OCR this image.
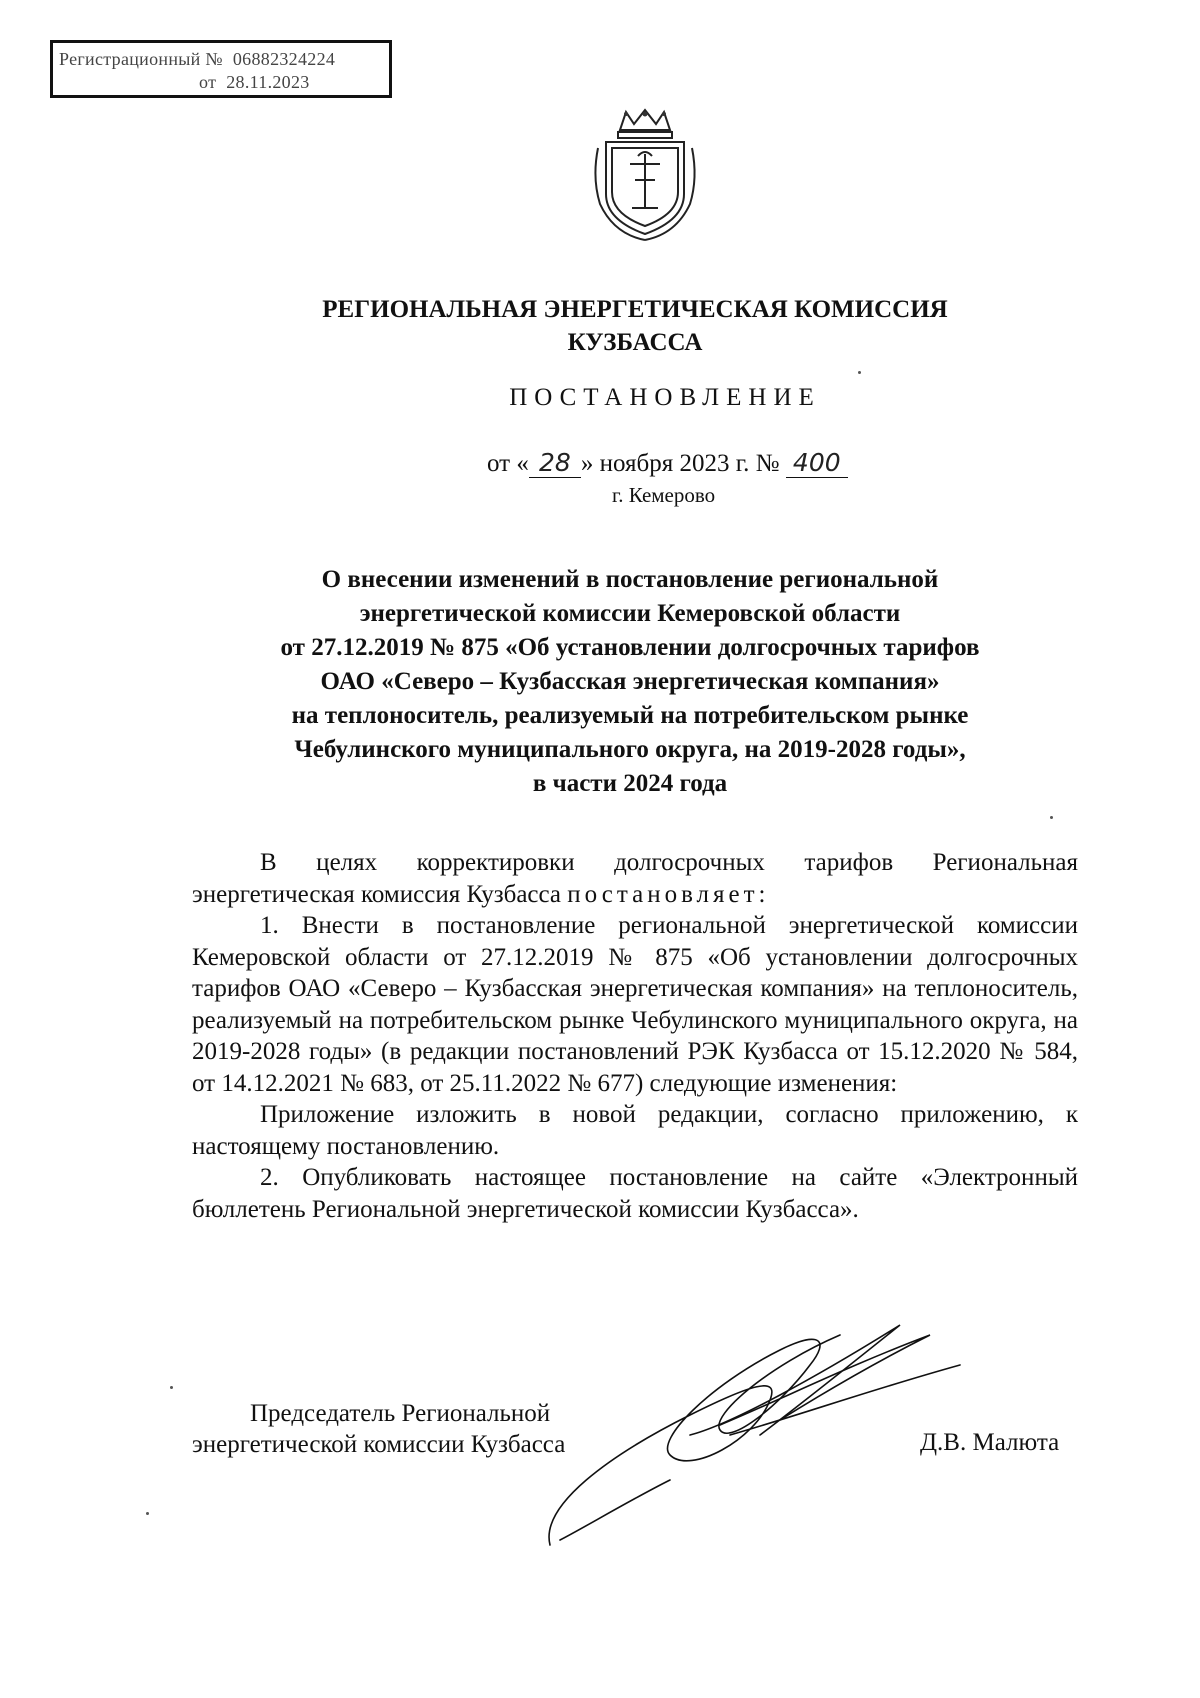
Регистрационный № 06882324224
от 28.11.2023
РЕГИОНАЛЬНАЯ ЭНЕРГЕТИЧЕСКАЯ КОМИССИЯ
КУЗБАССА
ПОСТАНОВЛЕНИЕ
от « 28 » ноября 2023 г. № 400
г. Кемерово
О внесении изменений в постановление региональной
энергетической комиссии Кемеровской области
от 27.12.2019 № 875 «Об установлении долгосрочных тарифов
ОАО «Северо – Кузбасская энергетическая компания»
на теплоноситель, реализуемый на потребительском рынке
Чебулинского муниципального округа, на 2019-2028 годы»,
в части 2024 года

В целях корректировки долгосрочных тарифов Региональная энергетическая комиссия Кузбасса постановляет:

1. Внести в постановление региональной энергетической комиссии Кемеровской области от 27.12.2019 № 875 «Об установлении долгосрочных тарифов ОАО «Северо – Кузбасская энергетическая компания» на теплоноситель, реализуемый на потребительском рынке Чебулинского муниципального округа, на 2019-2028 годы» (в редакции постановлений РЭК Кузбасса от 15.12.2020 № 584, от 14.12.2021 № 683, от 25.11.2022 № 677) следующие изменения:

Приложение изложить в новой редакции, согласно приложению, к настоящему постановлению.

2. Опубликовать настоящее постановление на сайте «Электронный бюллетень Региональной энергетической комиссии Кузбасса».

Председатель Региональной
энергетической комиссии Кузбасса	Д.В. Малюта
